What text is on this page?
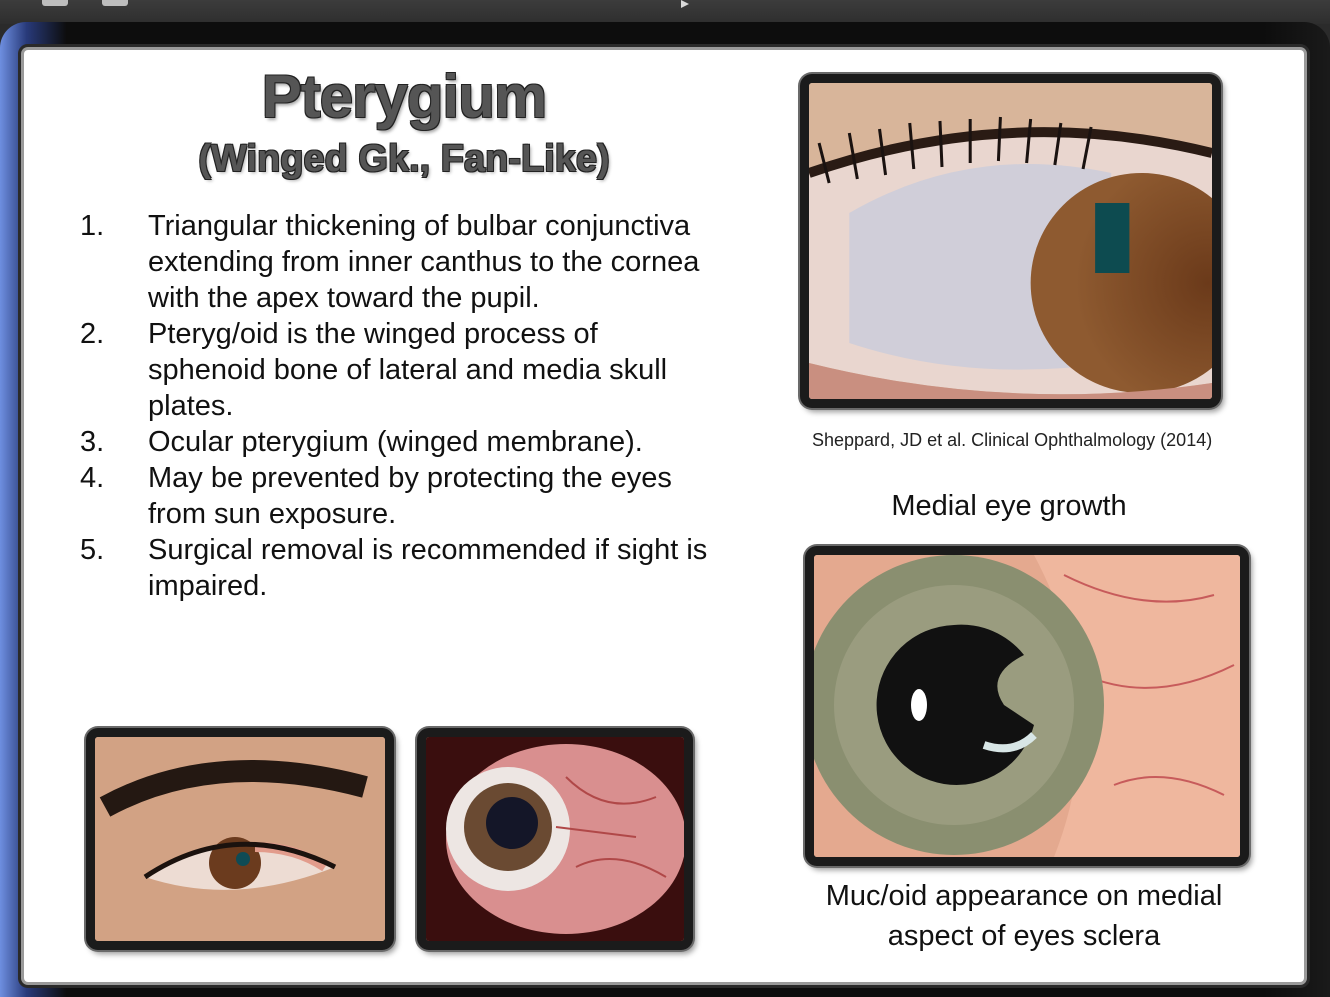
Pterygium
(Winged Gk., Fan-Like)
1. Triangular thickening of bulbar conjunctiva extending from inner canthus to the cornea with the apex toward the pupil.
2. Pteryg/oid is the winged process of sphenoid bone of lateral and media skull plates.
3. Ocular pterygium (winged membrane).
4. May be prevented by protecting the eyes from sun exposure.
5. Surgical removal is recommended if sight is impaired.
Sheppard, JD et al. Clinical Ophthalmology (2014)
Medial eye growth
Muc/oid appearance on medial aspect of eyes sclera
